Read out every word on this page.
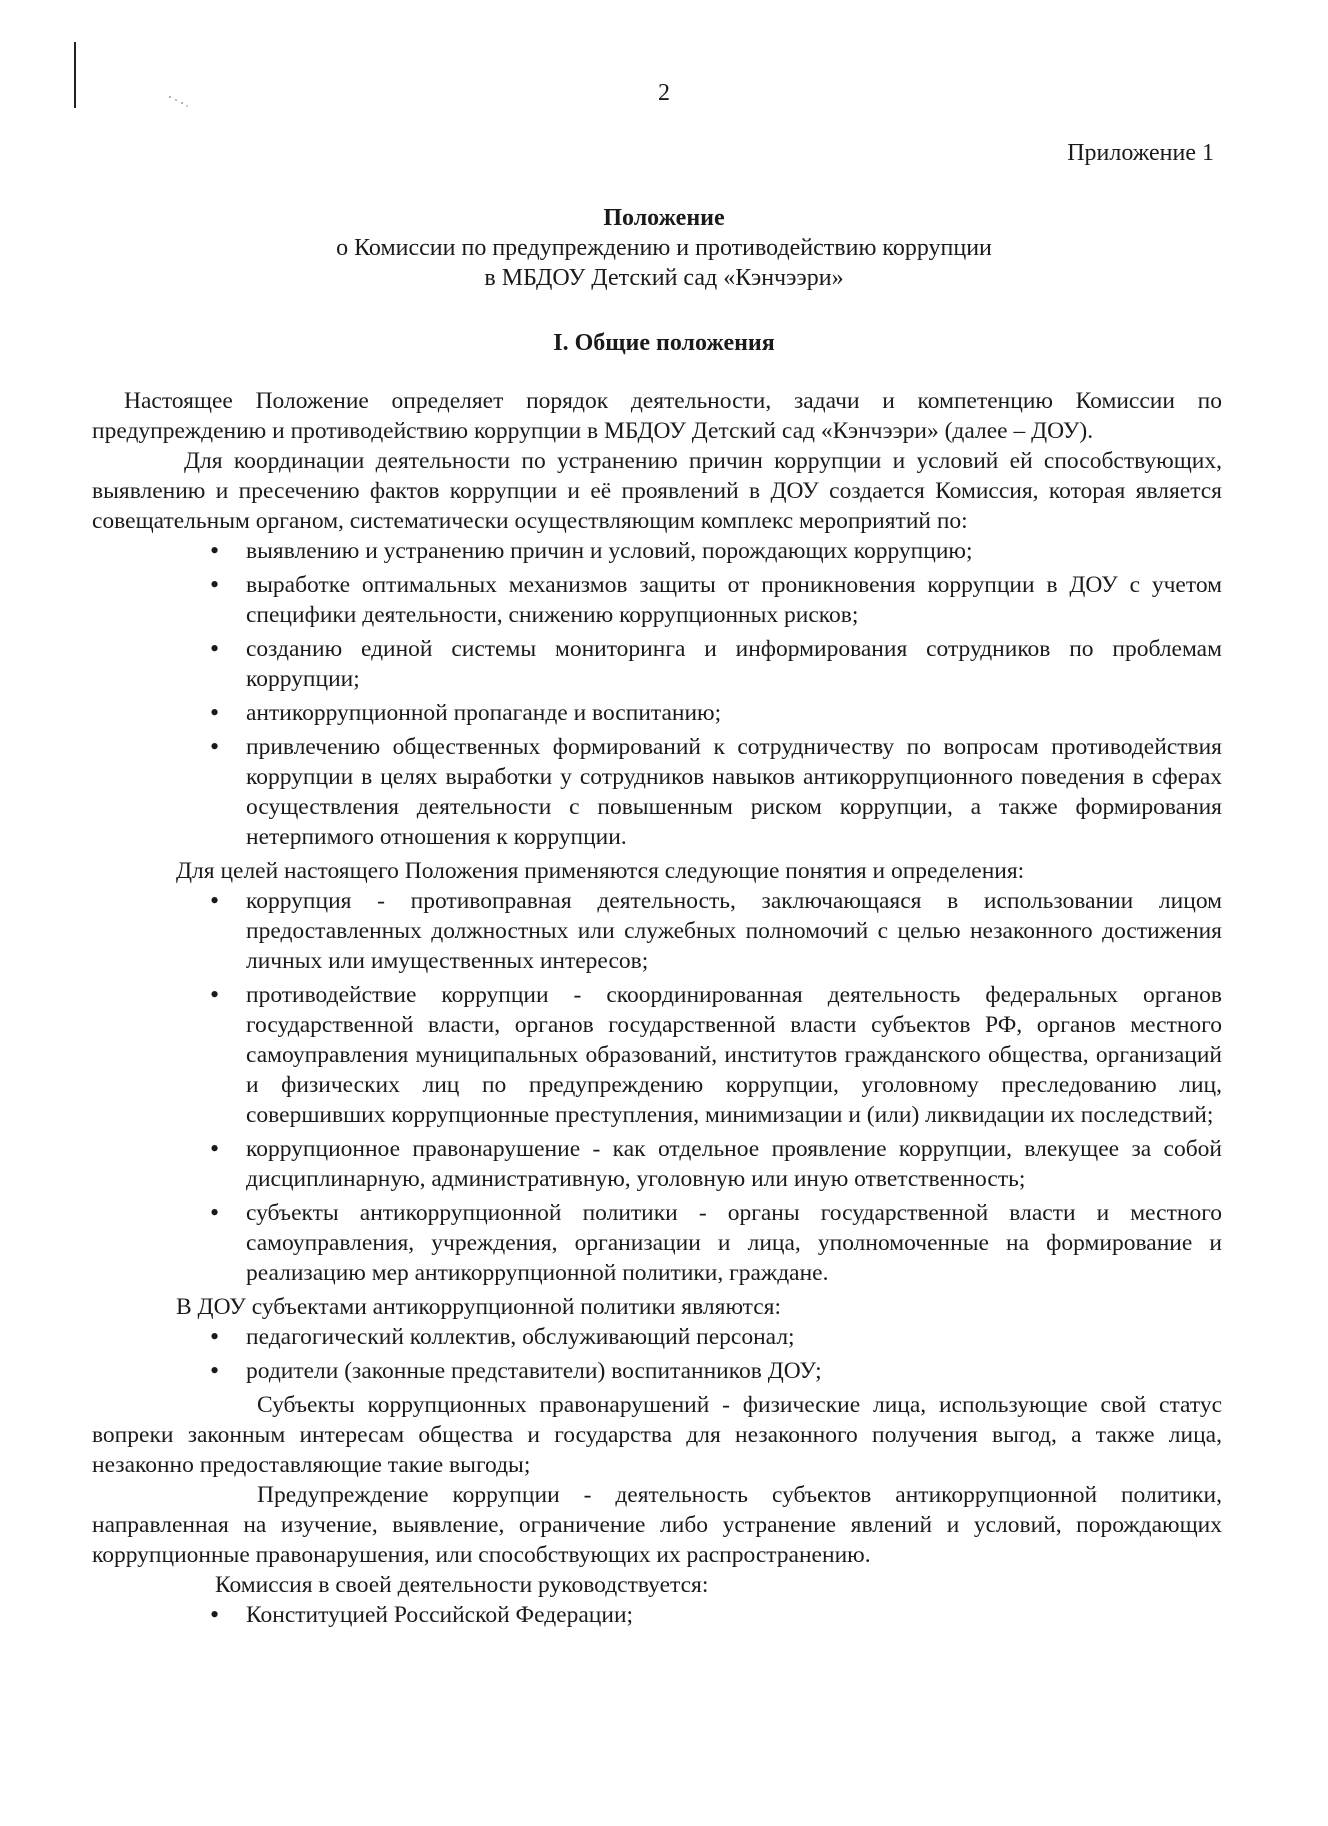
2
Приложение 1
Положение
о Комиссии по предупреждению и противодействию коррупции
в МБДОУ Детский сад «Кэнчээри»
I. Общие положения

Настоящее Положение определяет порядок деятельности, задачи и компетенцию Комиссии по предупреждению и противодействию коррупции в МБДОУ Детский сад «Кэнчээри» (далее – ДОУ).

Для координации деятельности по устранению причин коррупции и условий ей способствующих, выявлению и пресечению фактов коррупции и её проявлений в ДОУ создается Комиссия, которая является совещательным органом, систематически осуществляющим комплекс мероприятий по:

• выявлению и устранению причин и условий, порождающих коррупцию;
• выработке оптимальных механизмов защиты от проникновения коррупции в ДОУ с учетом специфики деятельности, снижению коррупционных рисков;
• созданию единой системы мониторинга и информирования сотрудников по проблемам коррупции;
• антикоррупционной пропаганде и воспитанию;
• привлечению общественных формирований к сотрудничеству по вопросам противодействия коррупции в целях выработки у сотрудников навыков антикоррупционного поведения в сферах осуществления деятельности с повышенным риском коррупции, а также формирования нетерпимого отношения к коррупции.

Для целей настоящего Положения применяются следующие понятия и определения:

• коррупция - противоправная деятельность, заключающаяся в использовании лицом предоставленных должностных или служебных полномочий с целью незаконного достижения личных или имущественных интересов;
• противодействие коррупции - скоординированная деятельность федеральных органов государственной власти, органов государственной власти субъектов РФ, органов местного самоуправления муниципальных образований, институтов гражданского общества, организаций и физических лиц по предупреждению коррупции, уголовному преследованию лиц, совершивших коррупционные преступления, минимизации и (или) ликвидации их последствий;
• коррупционное правонарушение - как отдельное проявление коррупции, влекущее за собой дисциплинарную, административную, уголовную или иную ответственность;
• субъекты антикоррупционной политики - органы государственной власти и местного самоуправления, учреждения, организации и лица, уполномоченные на формирование и реализацию мер антикоррупционной политики, граждане.

В ДОУ субъектами антикоррупционной политики являются:

• педагогический коллектив, обслуживающий персонал;
• родители (законные представители) воспитанников ДОУ;

Субъекты коррупционных правонарушений - физические лица, использующие свой статус вопреки законным интересам общества и государства для незаконного получения выгод, а также лица, незаконно предоставляющие такие выгоды;

Предупреждение коррупции - деятельность субъектов антикоррупционной политики, направленная на изучение, выявление, ограничение либо устранение явлений и условий, порождающих коррупционные правонарушения, или способствующих их распространению.

Комиссия в своей деятельности руководствуется:

• Конституцией Российской Федерации;
